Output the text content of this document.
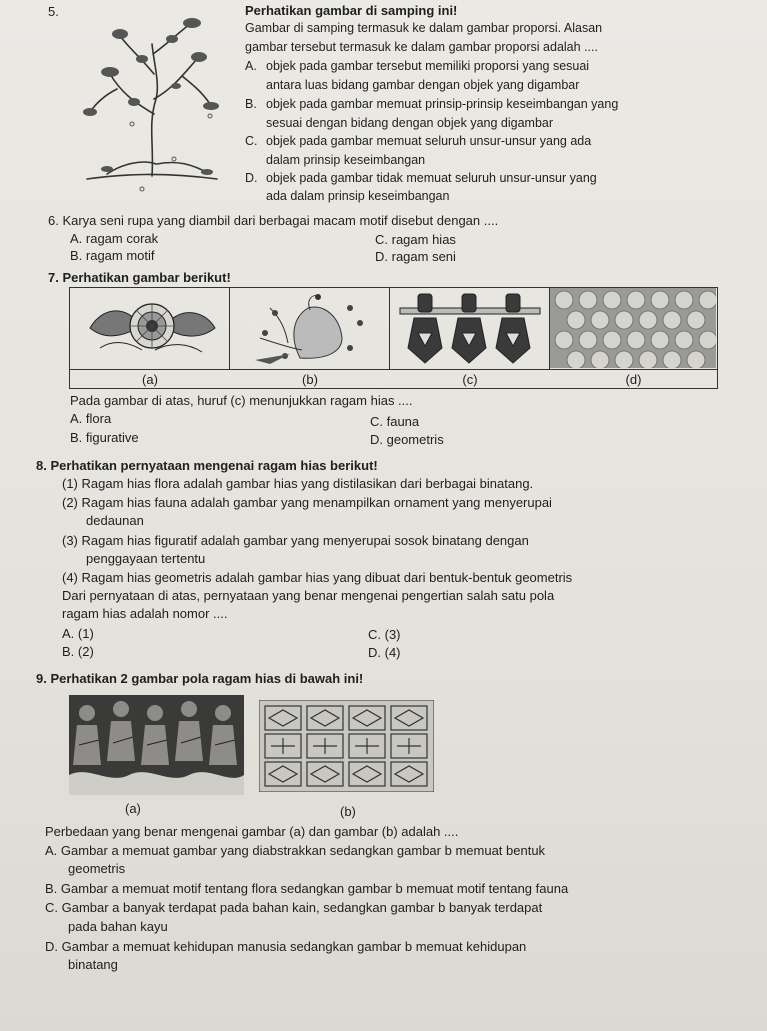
5.	Perhatikan gambar di samping ini!
Gambar di samping termasuk ke dalam gambar proporsi. Alasan
gambar tersebut termasuk ke dalam gambar proporsi adalah ....
A. objek pada gambar tersebut memiliki proporsi yang sesuai
antara luas bidang gambar dengan objek yang digambar
B. objek pada gambar memuat prinsip-prinsip keseimbangan yang
sesuai dengan bidang dengan objek yang digambar
C. objek pada gambar memuat seluruh unsur-unsur yang ada
dalam prinsip keseimbangan
D. objek pada gambar tidak memuat seluruh unsur-unsur yang
ada dalam prinsip keseimbangan
6. Karya seni rupa yang diambil dari berbagai macam motif disebut dengan ....
A. ragam corak
B. ragam motif
C. ragam hias
D. ragam seni
7. Perhatikan gambar berikut!
(a)	(b)	(c)	(d)
Pada gambar di atas, huruf (c) menunjukkan ragam hias ....
A. flora
B. figurative
C. fauna
D. geometris
8. Perhatikan pernyataan mengenai ragam hias berikut!
(1) Ragam hias flora adalah gambar hias yang distilasikan dari berbagai binatang.
(2) Ragam hias fauna adalah gambar yang menampilkan ornament yang menyerupai
dedaunan
(3) Ragam hias figuratif adalah gambar yang menyerupai sosok binatang dengan
penggayaan tertentu
(4) Ragam hias geometris adalah gambar hias yang dibuat dari bentuk-bentuk geometris
Dari pernyataan di atas, pernyataan yang benar mengenai pengertian salah satu pola
ragam hias adalah nomor ....
A. (1)
B. (2)
C. (3)
D. (4)
9. Perhatikan 2 gambar pola ragam hias di bawah ini!
(a)	(b)
Perbedaan yang benar mengenai gambar (a) dan gambar (b) adalah ....
A. Gambar a memuat gambar yang diabstrakkan sedangkan gambar b memuat bentuk
geometris
B. Gambar a memuat motif tentang flora sedangkan gambar b memuat motif tentang fauna
C. Gambar a banyak terdapat pada bahan kain, sedangkan gambar b banyak terdapat
pada bahan kayu
D. Gambar a memuat kehidupan manusia sedangkan gambar b memuat kehidupan
binatang
